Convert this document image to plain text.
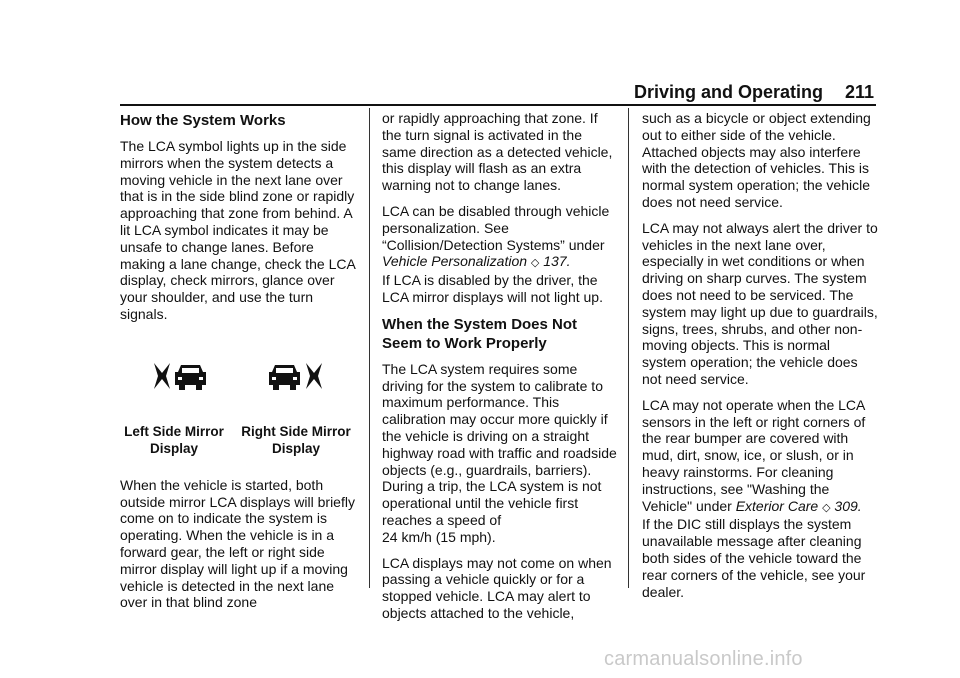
Driving and Operating 211
How the System Works

The LCA symbol lights up in the side mirrors when the system detects a moving vehicle in the next lane over that is in the side blind zone or rapidly approaching that zone from behind. A lit LCA symbol indicates it may be unsafe to change lanes. Before making a lane change, check the LCA display, check mirrors, glance over your shoulder, and use the turn signals.

Left Side Mirror
Display
Right Side Mirror
Display

When the vehicle is started, both outside mirror LCA displays will briefly come on to indicate the system is operating. When the vehicle is in a forward gear, the left or right side mirror display will light up if a moving vehicle is detected in the next lane over in that blind zone

or rapidly approaching that zone. If the turn signal is activated in the same direction as a detected vehicle, this display will flash as an extra warning not to change lanes.

LCA can be disabled through vehicle personalization. See “Collision/Detection Systems” under Vehicle Personalization ◇ 137.
If LCA is disabled by the driver, the LCA mirror displays will not light up.

When the System Does Not Seem to Work Properly

The LCA system requires some driving for the system to calibrate to maximum performance. This calibration may occur more quickly if the vehicle is driving on a straight highway road with traffic and roadside objects (e.g., guardrails, barriers). During a trip, the LCA system is not operational until the vehicle first reaches a speed of
24 km/h (15 mph).

LCA displays may not come on when passing a vehicle quickly or for a stopped vehicle. LCA may alert to objects attached to the vehicle,

such as a bicycle or object extending out to either side of the vehicle. Attached objects may also interfere with the detection of vehicles. This is normal system operation; the vehicle does not need service.

LCA may not always alert the driver to vehicles in the next lane over, especially in wet conditions or when driving on sharp curves. The system does not need to be serviced. The system may light up due to guardrails, signs, trees, shrubs, and other non-moving objects. This is normal system operation; the vehicle does not need service.

LCA may not operate when the LCA sensors in the left or right corners of the rear bumper are covered with mud, dirt, snow, ice, or slush, or in heavy rainstorms. For cleaning instructions, see "Washing the Vehicle" under Exterior Care ◇ 309.
If the DIC still displays the system unavailable message after cleaning both sides of the vehicle toward the rear corners of the vehicle, see your dealer.

carmanualsonline.info
